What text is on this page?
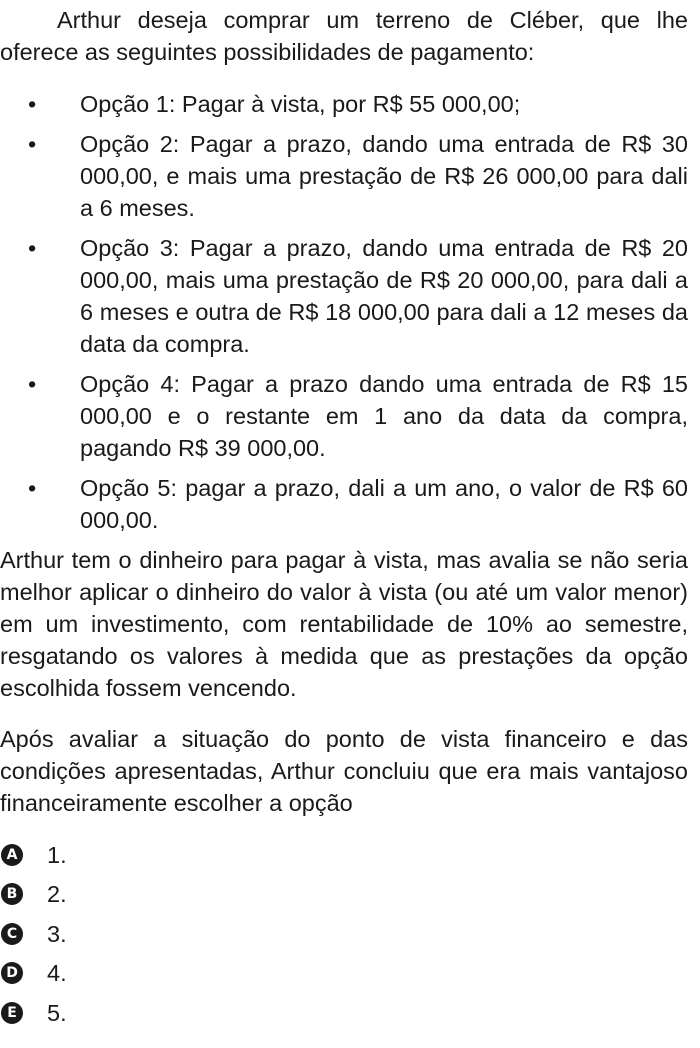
Arthur deseja comprar um terreno de Cléber, que lhe oferece as seguintes possibilidades de pagamento:

• Opção 1: Pagar à vista, por R$ 55 000,00;
• Opção 2: Pagar a prazo, dando uma entrada de R$ 30 000,00, e mais uma prestação de R$ 26 000,00 para dali a 6 meses.
• Opção 3: Pagar a prazo, dando uma entrada de R$ 20 000,00, mais uma prestação de R$ 20 000,00, para dali a 6 meses e outra de R$ 18 000,00 para dali a 12 meses da data da compra.
• Opção 4: Pagar a prazo dando uma entrada de R$ 15 000,00 e o restante em 1 ano da data da compra, pagando R$ 39 000,00.
• Opção 5: pagar a prazo, dali a um ano, o valor de R$ 60 000,00.

Arthur tem o dinheiro para pagar à vista, mas avalia se não seria melhor aplicar o dinheiro do valor à vista (ou até um valor menor) em um investimento, com rentabilidade de 10% ao semestre, resgatando os valores à medida que as prestações da opção escolhida fossem vencendo.

Após avaliar a situação do ponto de vista financeiro e das condições apresentadas, Arthur concluiu que era mais vantajoso financeiramente escolher a opção

A 1.
B 2.
C 3.
D 4.
E 5.
